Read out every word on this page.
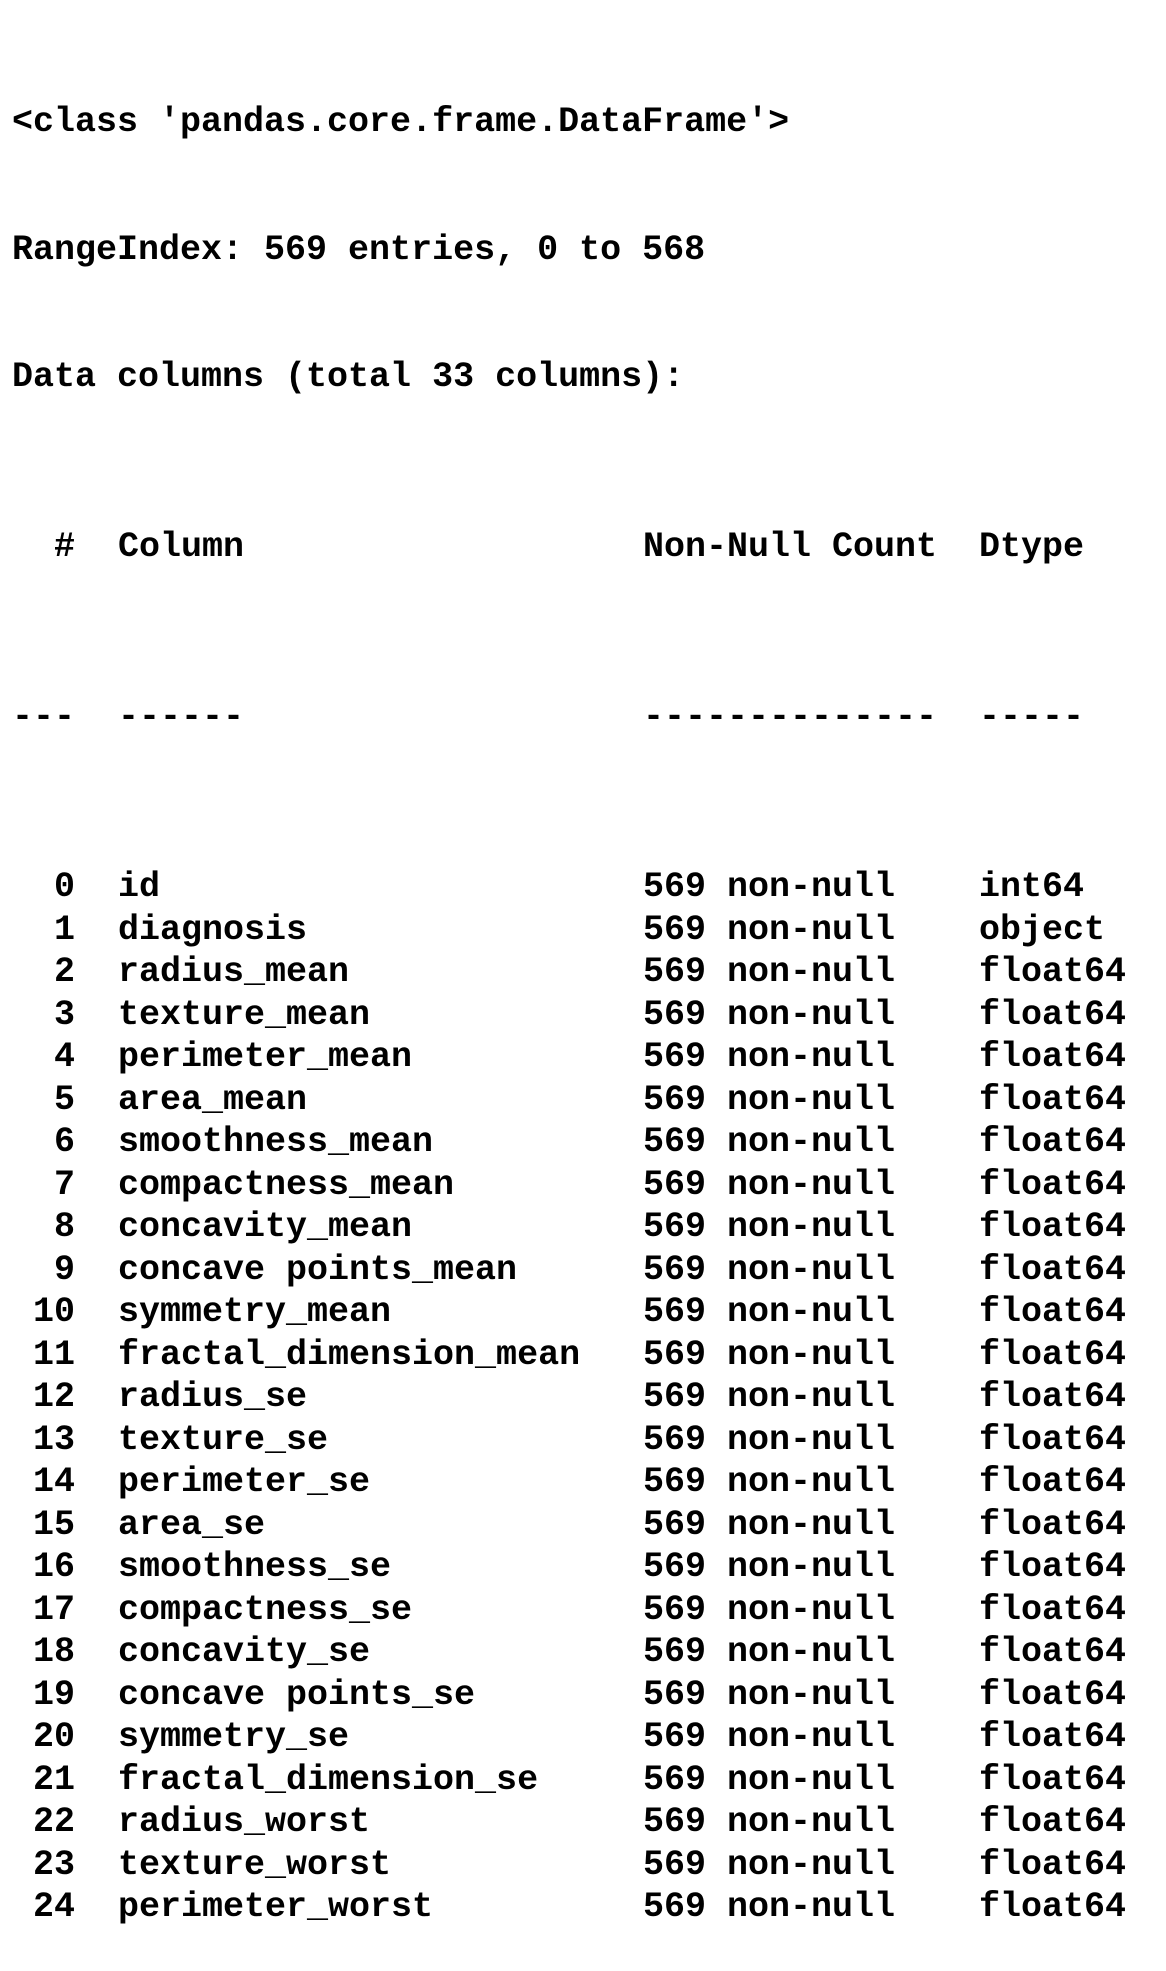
<class 'pandas.core.frame.DataFrame'>

RangeIndex: 569 entries, 0 to 568

Data columns (total 33 columns):

#	Column	Non-Null Count	Dtype

---	------	--------------	-----

0	id	569 non-null	int64
1	diagnosis	569 non-null	object
2	radius_mean	569 non-null	float64
3	texture_mean	569 non-null	float64
4	perimeter_mean	569 non-null	float64
5	area_mean	569 non-null	float64
6	smoothness_mean	569 non-null	float64
7	compactness_mean	569 non-null	float64
8	concavity_mean	569 non-null	float64
9	concave points_mean	569 non-null	float64
10	symmetry_mean	569 non-null	float64
11	fractal_dimension_mean	569 non-null	float64
12	radius_se	569 non-null	float64
13	texture_se	569 non-null	float64
14	perimeter_se	569 non-null	float64
15	area_se	569 non-null	float64
16	smoothness_se	569 non-null	float64
17	compactness_se	569 non-null	float64
18	concavity_se	569 non-null	float64
19	concave points_se	569 non-null	float64
20	symmetry_se	569 non-null	float64
21	fractal_dimension_se	569 non-null	float64
22	radius_worst	569 non-null	float64
23	texture_worst	569 non-null	float64
24	perimeter_worst	569 non-null	float64
